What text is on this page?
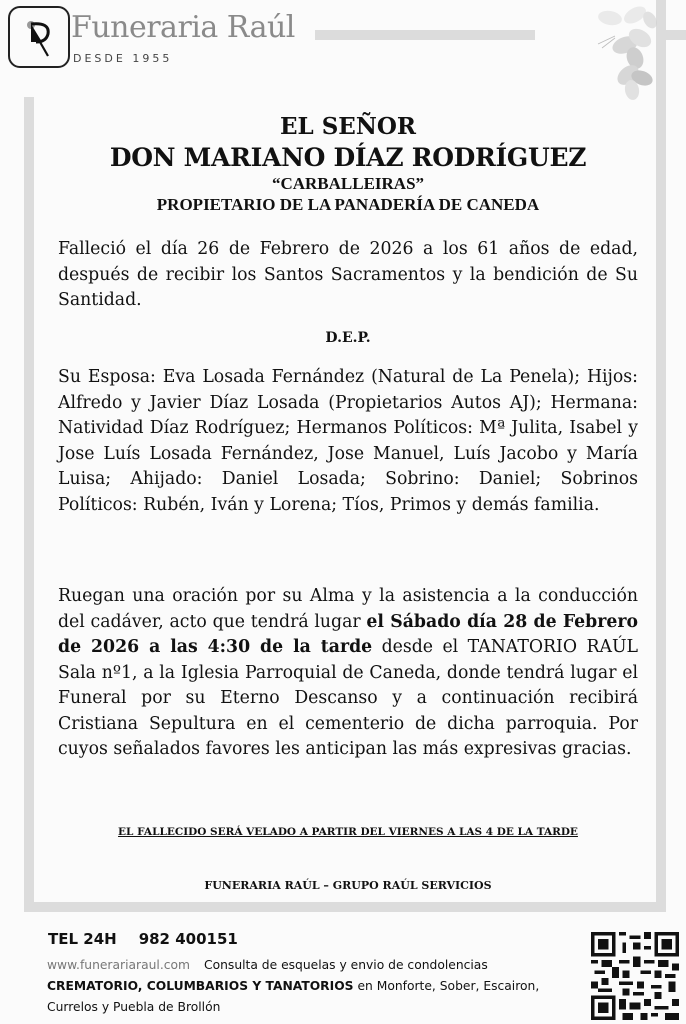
Funeraria Raúl
DESDE 1955
EL SEÑOR
DON MARIANO DÍAZ RODRÍGUEZ
“CARBALLEIRAS”
PROPIETARIO DE LA PANADERÍA DE CANEDA

Falleció el día 26 de Febrero de 2026 a los 61 años de edad, después de recibir los Santos Sacramentos y la bendición de Su Santidad.

D.E.P.

Su Esposa: Eva Losada Fernández (Natural de La Penela); Hijos: Alfredo y Javier Díaz Losada (Propietarios Autos AJ); Hermana: Natividad Díaz Rodríguez; Hermanos Políticos: Mª Julita, Isabel y Jose Luís Losada Fernández, Jose Manuel, Luís Jacobo y María Luisa; Ahijado: Daniel Losada; Sobrino: Daniel; Sobrinos Políticos: Rubén, Iván y Lorena; Tíos, Primos y demás familia.

Ruegan una oración por su Alma y la asistencia a la conducción del cadáver, acto que tendrá lugar el Sábado día 28 de Febrero de 2026 a las 4:30 de la tarde desde el TANATORIO RAÚL Sala nº1, a la Iglesia Parroquial de Caneda, donde tendrá lugar el Funeral por su Eterno Descanso y a continuación recibirá Cristiana Sepultura en el cementerio de dicha parroquia. Por cuyos señalados favores les anticipan las más expresivas gracias.

EL FALLECIDO SERÁ VELADO A PARTIR DEL VIERNES A LAS 4 DE LA TARDE
FUNERARIA RAÚL – GRUPO RAÚL SERVICIOS
TEL 24H 982 400151
www.funerariaraul.com Consulta de esquelas y envio de condolencias CREMATORIO, COLUMBARIOS Y TANATORIOS en Monforte, Sober, Escairon, Currelos y Puebla de Brollón
